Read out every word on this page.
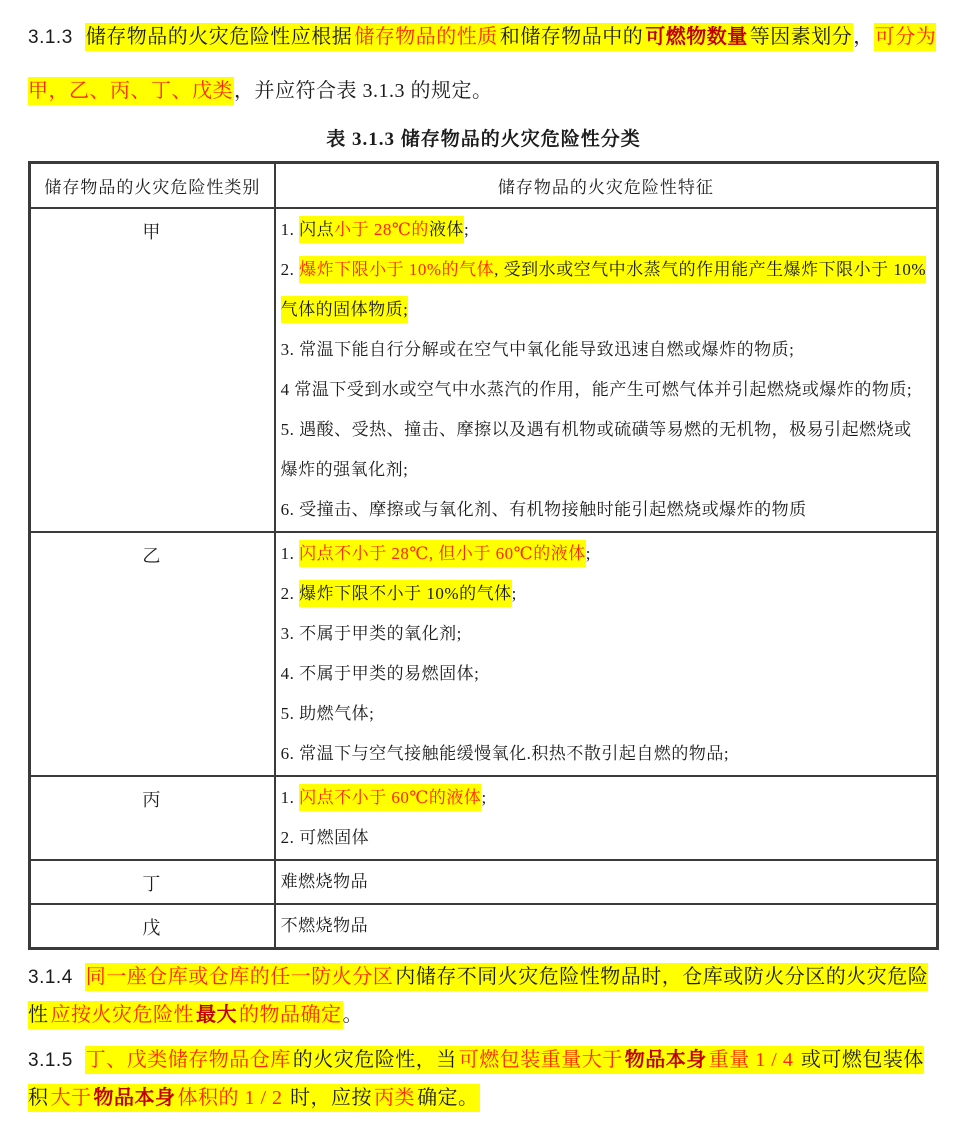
3.1.3 储存物品的火灾危险性应根据 储存物品的性质 和储存物品中的 可燃物数量 等因素划分，可分为甲，乙、丙、丁、戊类，并应符合表 3.1.3 的规定。

表 3.1.3 储存物品的火灾危险性分类
储存物品的火灾危险性类别	储存物品的火灾危险性特征
甲	1. 闪点小于 28℃的液体;
2. 爆炸下限小于 10%的气体, 受到水或空气中水蒸气的作用能产生爆炸下限小于 10%气体的固体物质;
3. 常温下能自行分解或在空气中氧化能导致迅速自燃或爆炸的物质;
4 常温下受到水或空气中水蒸汽的作用，能产生可燃气体并引起燃烧或爆炸的物质;
5. 遇酸、受热、撞击、摩擦以及遇有机物或硫磺等易燃的无机物，极易引起燃烧或爆炸的强氧化剂;
6. 受撞击、摩擦或与氧化剂、有机物接触时能引起燃烧或爆炸的物质

乙	1. 闪点不小于 28℃, 但小于 60℃的液体;
2. 爆炸下限不小于 10%的气体;
3. 不属于甲类的氧化剂;
4. 不属于甲类的易燃固体;
5. 助燃气体;
6. 常温下与空气接触能缓慢氧化.积热不散引起自燃的物品;

丙	1. 闪点不小于 60℃的液体;
2. 可燃固体

丁	难燃烧物品

戊	不燃烧物品

3.1.4 同一座仓库或仓库的任一防火分区 内储存不同火灾危险性物品时，仓库或防火分区的火灾危险性 应按火灾危险性 最大 的物品确定。

3.1.5 丁、戊类储存物品仓库 的火灾危险性，当 可燃包装重量大于 物品本身 重量 1 / 4 或可燃包装体积 大于 物品本身 体积的 1 / 2 时，应按 丙类 确定。
